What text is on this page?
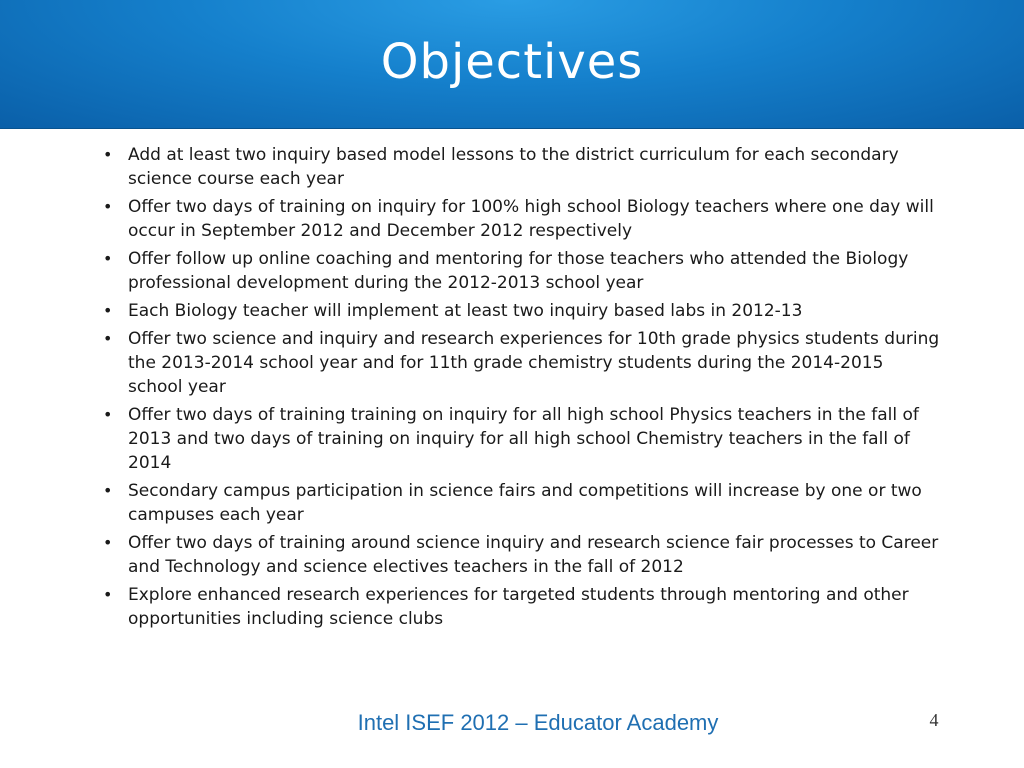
Objectives
• Add at least two inquiry based model lessons to the district curriculum for each secondary science course each year
• Offer two days of training on inquiry for 100% high school Biology teachers where one day will occur in September 2012 and December 2012 respectively
• Offer follow up online coaching and mentoring for those teachers who attended the Biology professional development during the 2012-2013 school year
• Each Biology teacher will implement at least two inquiry based labs in 2012-13
• Offer two science and inquiry and research experiences for 10th grade physics students during the 2013-2014 school year and for 11th grade chemistry students during the 2014-2015 school year
• Offer two days of training training on inquiry for all high school Physics teachers in the fall of 2013 and two days of training on inquiry for all high school Chemistry teachers in the fall of 2014
• Secondary campus participation in science fairs and competitions will increase by one or two campuses each year
• Offer two days of training around science inquiry and research science fair processes to Career and Technology and science electives teachers in the fall of 2012
• Explore enhanced research experiences for targeted students through mentoring and other opportunities including science clubs
Intel ISEF 2012 – Educator Academy	4
